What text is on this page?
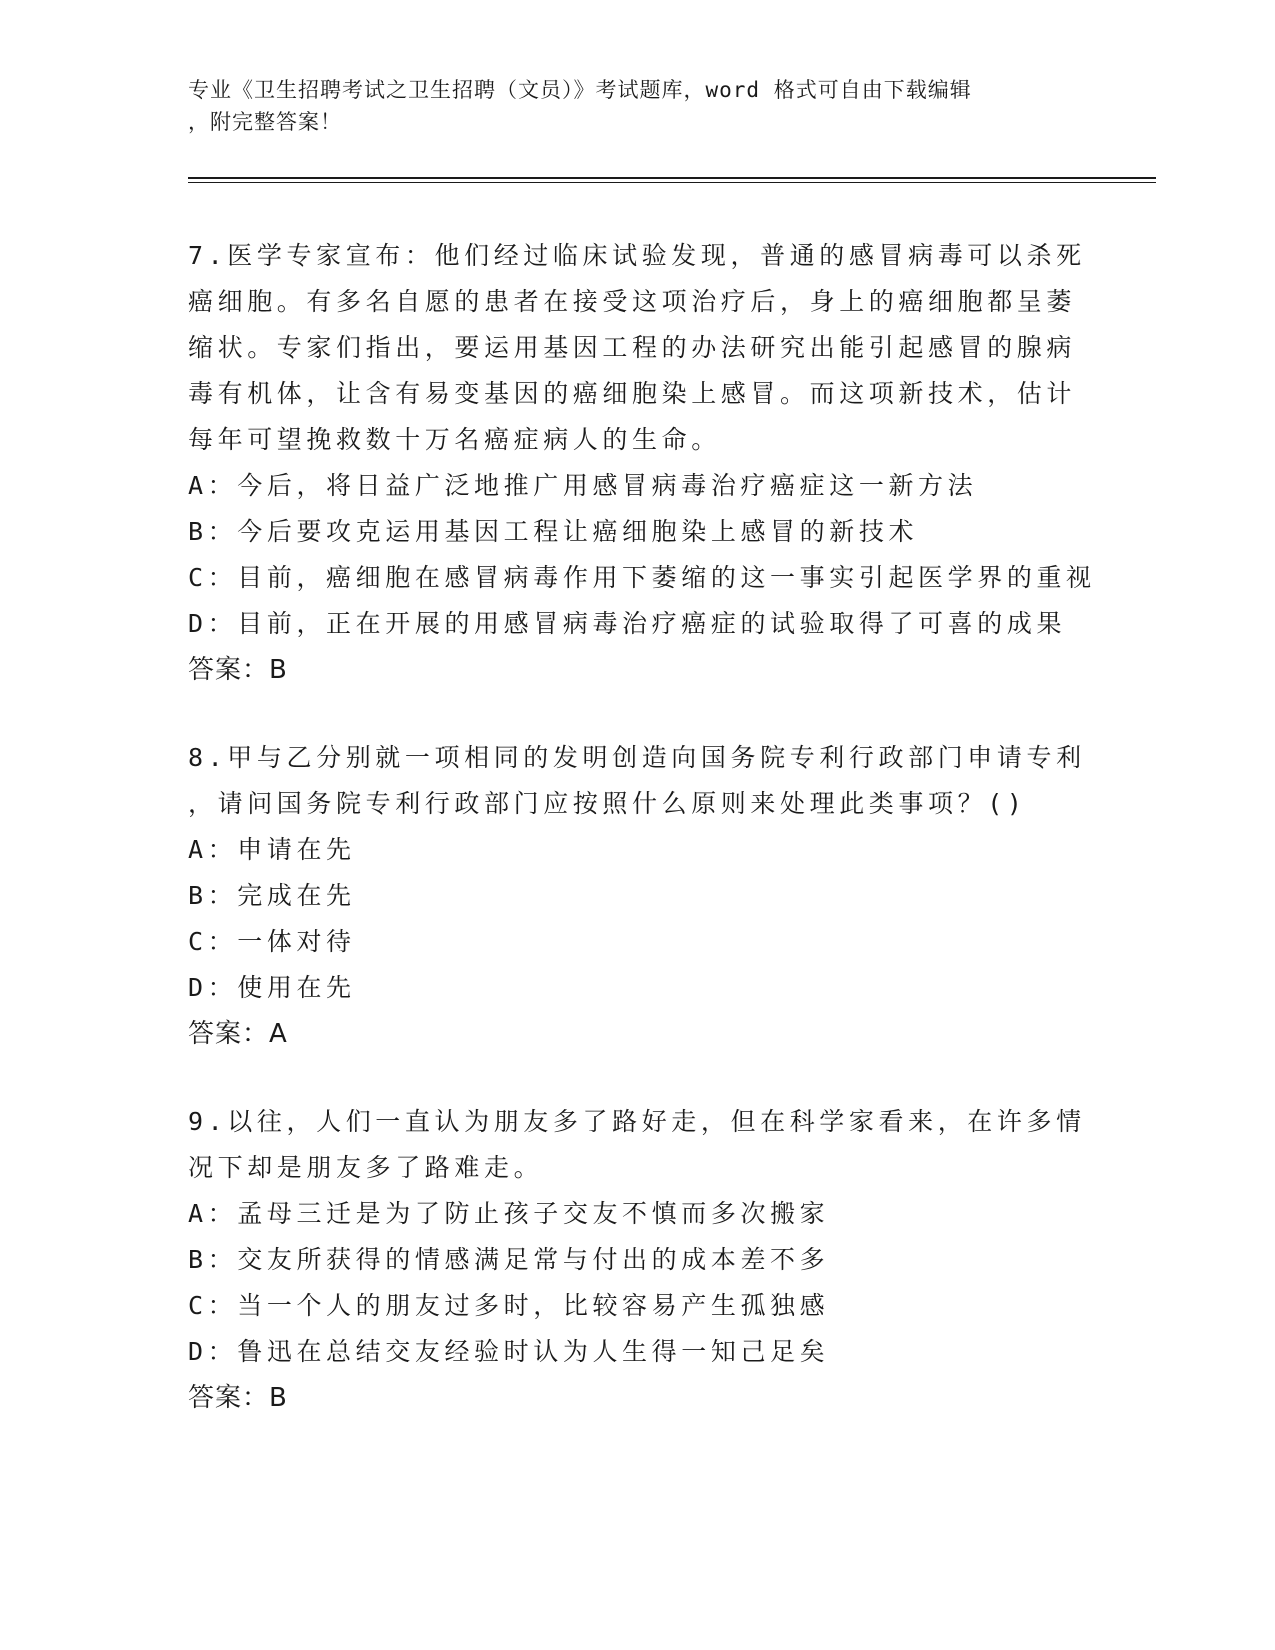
专业《卫生招聘考试之卫生招聘（文员）》考试题库，word 格式可自由下载编辑
，附完整答案！
7.医学专家宣布：他们经过临床试验发现，普通的感冒病毒可以杀死
癌细胞。有多名自愿的患者在接受这项治疗后，身上的癌细胞都呈萎
缩状。专家们指出，要运用基因工程的办法研究出能引起感冒的腺病
毒有机体，让含有易变基因的癌细胞染上感冒。而这项新技术，估计
每年可望挽救数十万名癌症病人的生命。
A：今后，将日益广泛地推广用感冒病毒治疗癌症这一新方法
B：今后要攻克运用基因工程让癌细胞染上感冒的新技术
C：目前，癌细胞在感冒病毒作用下萎缩的这一事实引起医学界的重视
D：目前，正在开展的用感冒病毒治疗癌症的试验取得了可喜的成果
答案：B
8.甲与乙分别就一项相同的发明创造向国务院专利行政部门申请专利
，请问国务院专利行政部门应按照什么原则来处理此类事项？()
A：申请在先
B：完成在先
C：一体对待
D：使用在先
答案：A
9.以往，人们一直认为朋友多了路好走，但在科学家看来，在许多情
况下却是朋友多了路难走。
A：孟母三迁是为了防止孩子交友不慎而多次搬家
B：交友所获得的情感满足常与付出的成本差不多
C：当一个人的朋友过多时，比较容易产生孤独感
D：鲁迅在总结交友经验时认为人生得一知己足矣
答案：B
